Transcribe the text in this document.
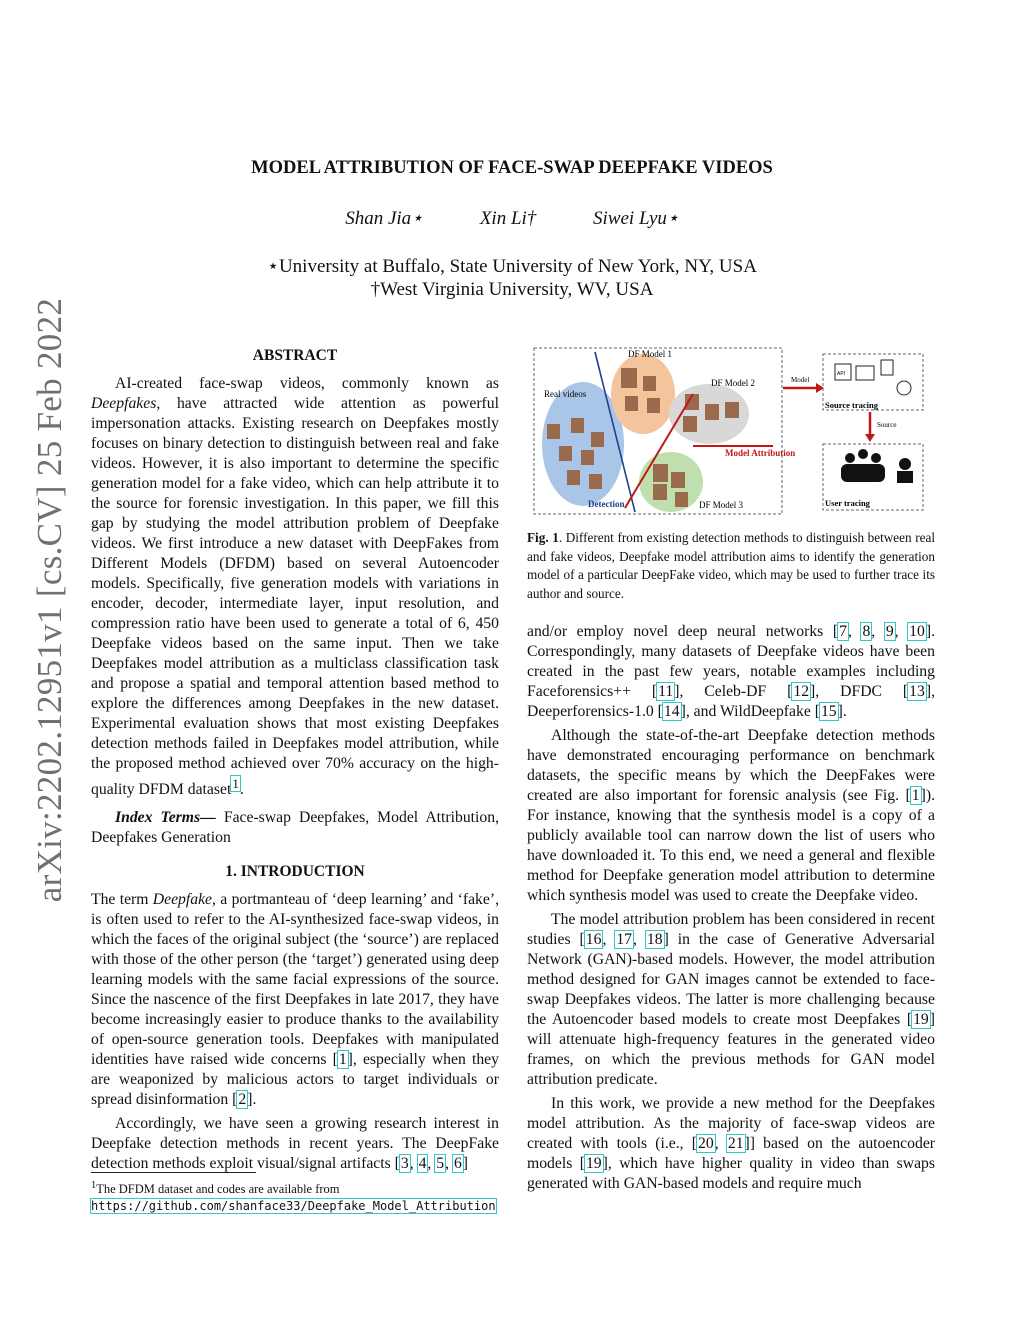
arXiv:2202.12951v1 [cs.CV] 25 Feb 2022
MODEL ATTRIBUTION OF FACE-SWAP DEEPFAKE VIDEOS
Shan Jia⋆	Xin Li†	Siwei Lyu⋆
⋆University at Buffalo, State University of New York, NY, USA
†West Virginia University, WV, USA
ABSTRACT

AI-created face-swap videos, commonly known as Deepfakes, have attracted wide attention as powerful impersonation attacks. Existing research on Deepfakes mostly focuses on binary detection to distinguish between real and fake videos. However, it is also important to determine the specific generation model for a fake video, which can help attribute it to the source for forensic investigation. In this paper, we fill this gap by studying the model attribution problem of Deepfake videos. We first introduce a new dataset with DeepFakes from Different Models (DFDM) based on several Autoencoder models. Specifically, five generation models with variations in encoder, decoder, intermediate layer, input resolution, and compression ratio have been used to generate a total of 6, 450 Deepfake videos based on the same input. Then we take Deepfakes model attribution as a multiclass classification task and propose a spatial and temporal attention based method to explore the differences among Deepfakes in the new dataset. Experimental evaluation shows that most existing Deepfakes detection methods failed in Deepfakes model attribution, while the proposed method achieved over 70% accuracy on the high-quality DFDM dataset$^1$.

Index Terms— Face-swap Deepfakes, Model Attribution, Deepfakes Generation

1. INTRODUCTION

The term Deepfake, a portmanteau of ‘deep learning’ and ‘fake’, is often used to refer to the AI-synthesized face-swap videos, in which the faces of the original subject (the ‘source’) are replaced with those of the other person (the ‘target’) generated using deep learning models with the same facial expressions of the source. Since the nascence of the first Deepfakes in late 2017, they have become increasingly easier to produce thanks to the availability of open-source generation tools. Deepfakes with manipulated identities have raised wide concerns [1], especially when they are weaponized by malicious actors to target individuals or spread disinformation [2].

Accordingly, we have seen a growing research interest in Deepfake detection methods in recent years. The DeepFake detection methods exploit visual/signal artifacts [3, 4, 5, 6]

$^1$The DFDM dataset and codes are available from https://github.com/shanface33/Deepfake_Model_Attribution
DF Model 1
DF Model 2
DF Model 3
Real videos
Detection
Model Attribution
Model
API
Source tracing
Source
User tracing
Fig. 1. Different from existing detection methods to distinguish between real and fake videos, Deepfake model attribution aims to identify the generation model of a particular DeepFake video, which may be used to further trace its author and source.

and/or employ novel deep neural networks [7, 8, 9, 10]. Correspondingly, many datasets of Deepfake videos have been created in the past few years, notable examples including Faceforensics++ [11], Celeb-DF [12], DFDC [13], Deeperforensics-1.0 [14], and WildDeepfake [15].

Although the state-of-the-art Deepfake detection methods have demonstrated encouraging performance on benchmark datasets, the specific means by which the DeepFakes were created are also important for forensic analysis (see Fig. [1]). For instance, knowing that the synthesis model is a copy of a publicly available tool can narrow down the list of users who have downloaded it. To this end, we need a general and flexible method for Deepfake generation model attribution to determine which synthesis model was used to create the Deepfake video.

The model attribution problem has been considered in recent studies [16, 17, 18] in the case of Generative Adversarial Network (GAN)-based models. However, the model attribution method designed for GAN images cannot be extended to face-swap Deepfakes videos. The latter is more challenging because the Autoencoder based models to create most Deepfakes [19] will attenuate high-frequency features in the generated video frames, on which the previous methods for GAN model attribution predicate.

In this work, we provide a new method for the Deepfakes model attribution. As the majority of face-swap videos are created with tools (i.e., [20, 21]] based on the autoencoder models [19], which have higher quality in video than swaps generated with GAN-based models and require much
